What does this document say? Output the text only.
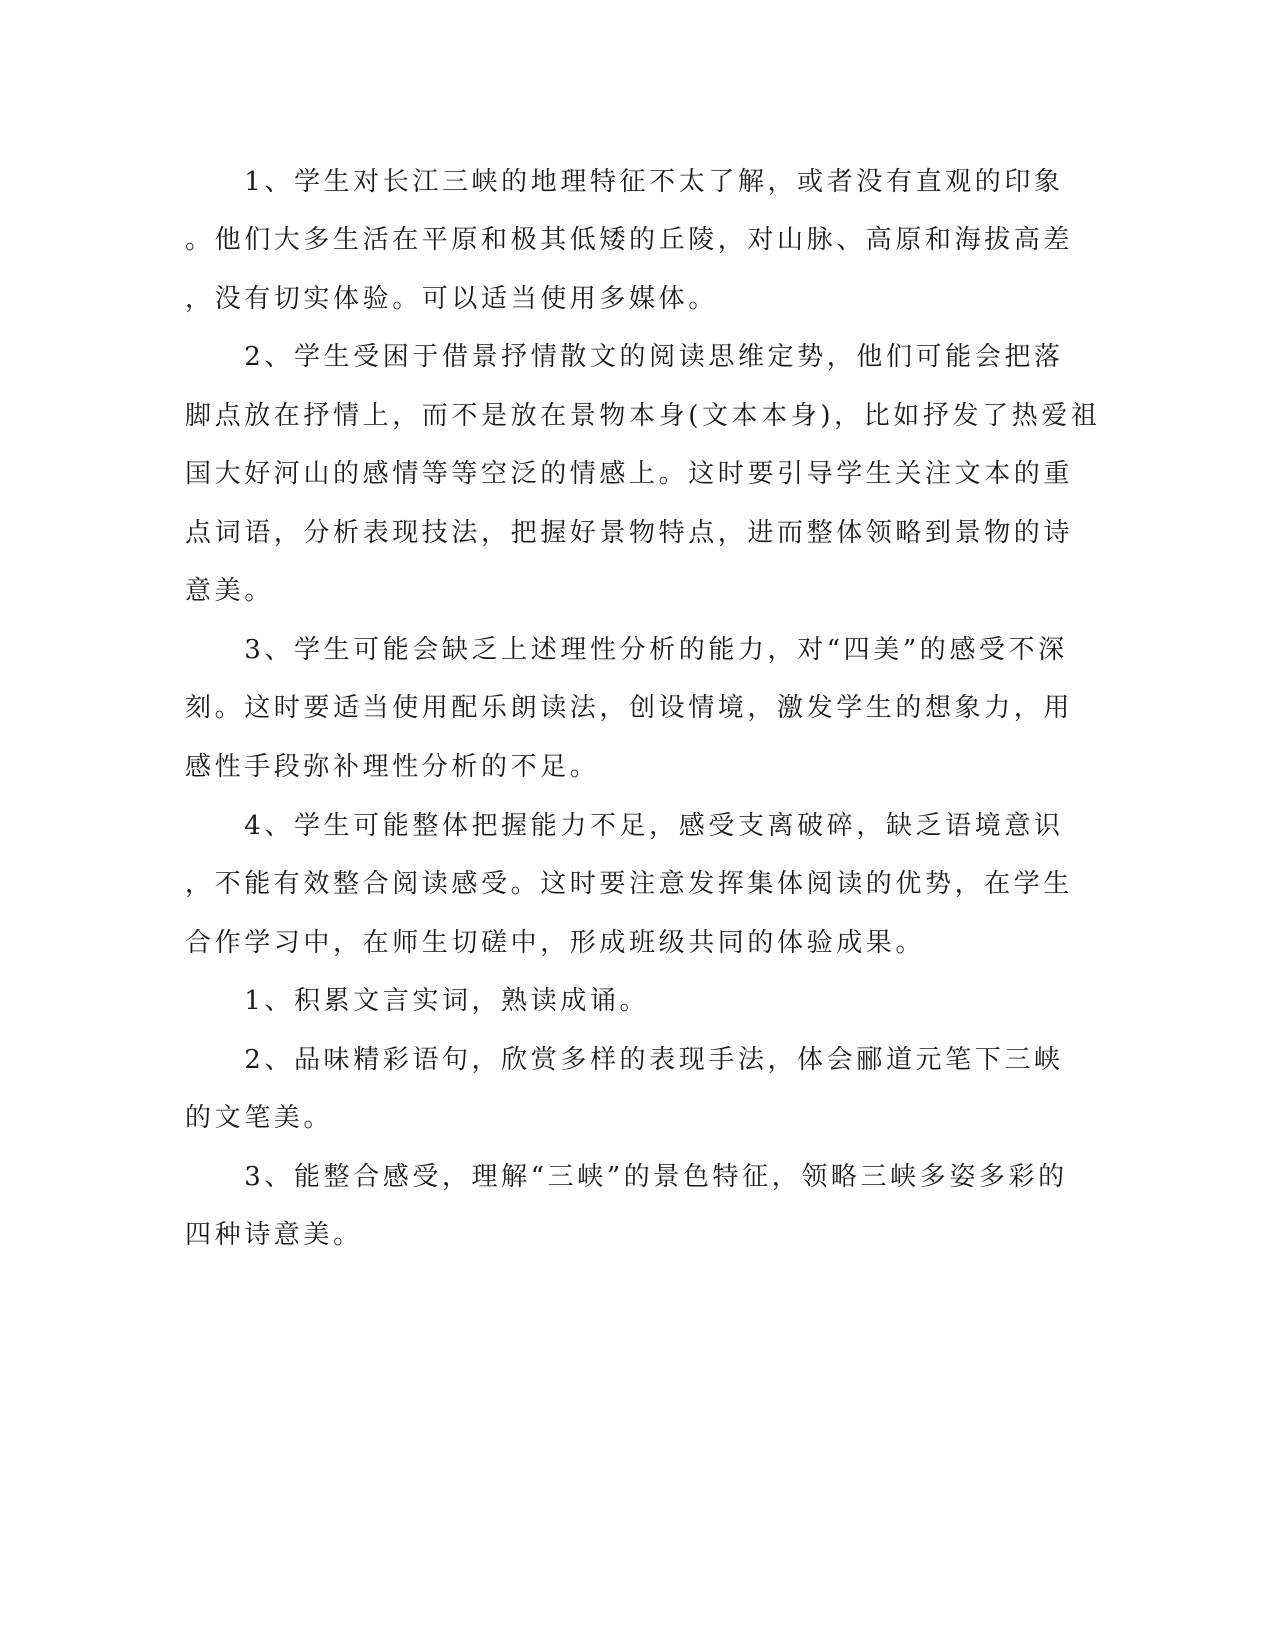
　　1、学生对长江三峡的地理特征不太了解，或者没有直观的印象
。他们大多生活在平原和极其低矮的丘陵，对山脉、高原和海拔高差
，没有切实体验。可以适当使用多媒体。
　　2、学生受困于借景抒情散文的阅读思维定势，他们可能会把落
脚点放在抒情上，而不是放在景物本身(文本本身)，比如抒发了热爱祖
国大好河山的感情等等空泛的情感上。这时要引导学生关注文本的重
点词语，分析表现技法，把握好景物特点，进而整体领略到景物的诗
意美。
　　3、学生可能会缺乏上述理性分析的能力，对“四美”的感受不深
刻。这时要适当使用配乐朗读法，创设情境，激发学生的想象力，用
感性手段弥补理性分析的不足。
　　4、学生可能整体把握能力不足，感受支离破碎，缺乏语境意识
，不能有效整合阅读感受。这时要注意发挥集体阅读的优势，在学生
合作学习中，在师生切磋中，形成班级共同的体验成果。
　　1、积累文言实词，熟读成诵。
　　2、品味精彩语句，欣赏多样的表现手法，体会郦道元笔下三峡
的文笔美。
　　3、能整合感受，理解“三峡”的景色特征，领略三峡多姿多彩的
四种诗意美。
